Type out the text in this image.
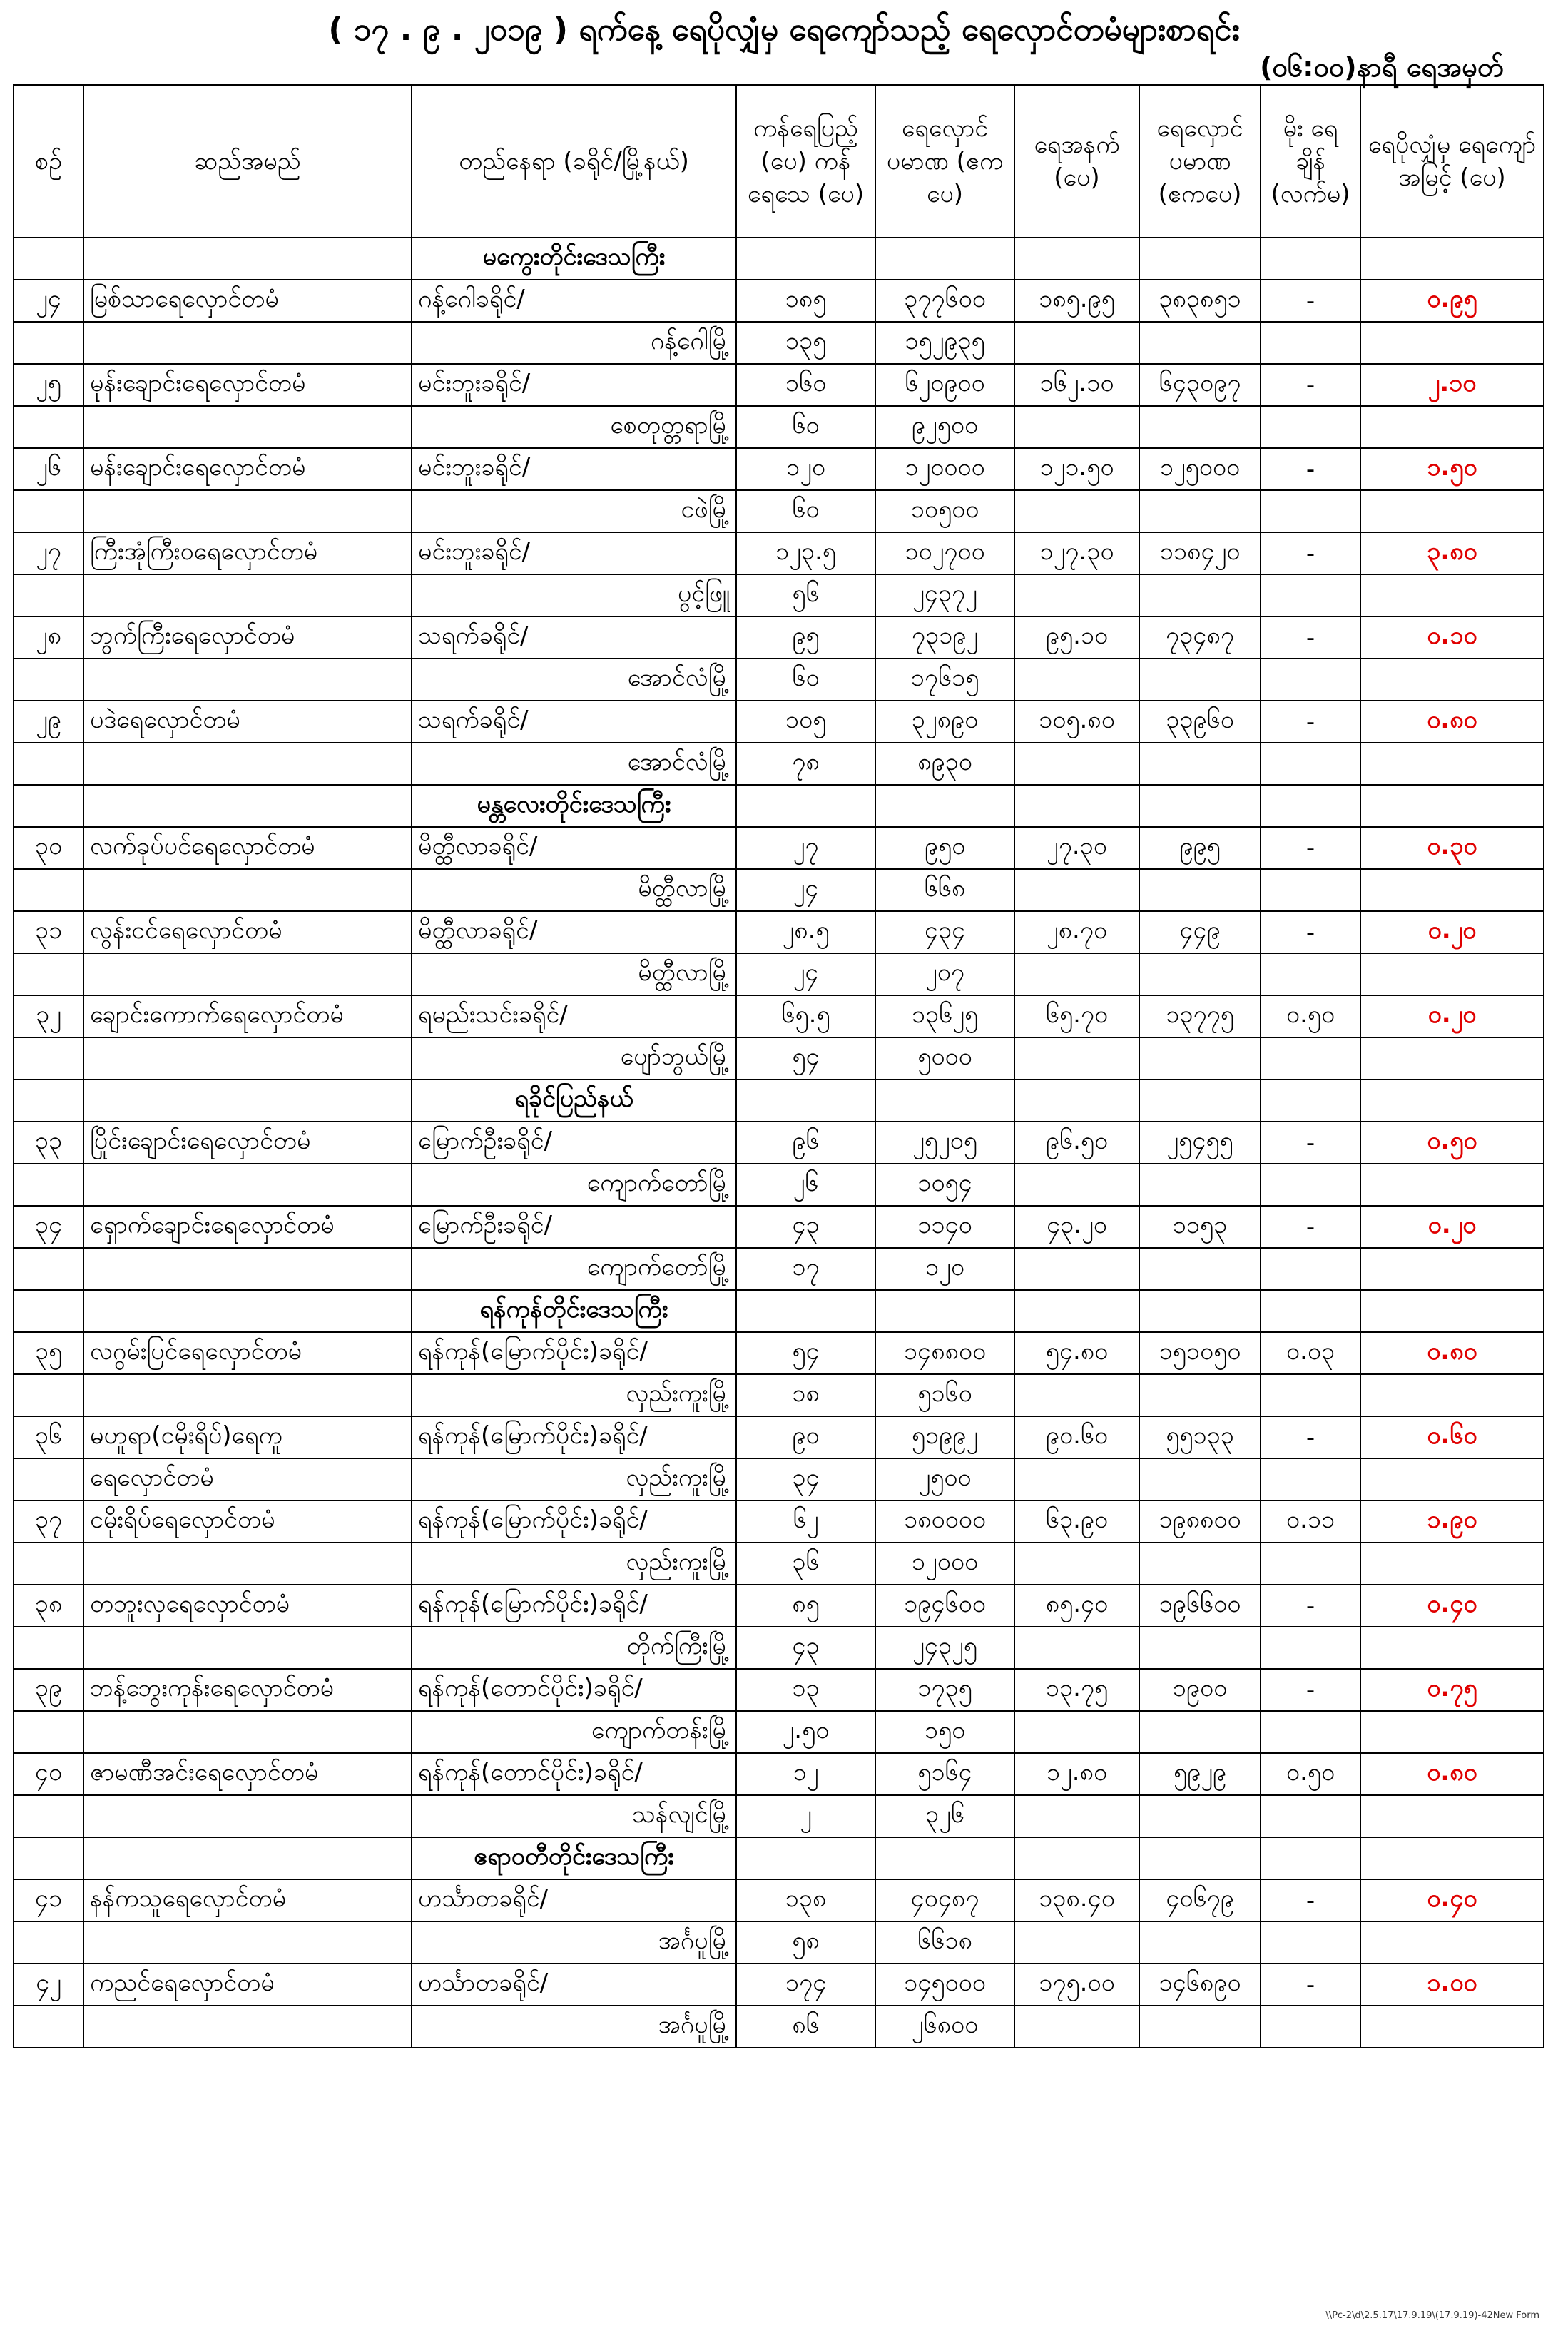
( ၁၇ . ၉ . ၂၀၁၉ ) ရက်နေ့ ရေပိုလျှံမှ ရေကျော်သည့် ရေလှောင်တမံများစာရင်း
(၀၆:၀၀)နာရီ ရေအမှတ်
စဉ်	ဆည်အမည်	တည်နေရာ (ခရိုင်/မြို့နယ်)	ကန်ရေပြည့် (ပေ) ကန်ရေသေ (ပေ)	ရေလှောင် ပမာဏ (ဧကပေ)	ရေအနက် (ပေ)	ရေလှောင် ပမာဏ (ဧကပေ)	မိုး ရေ ချိန် (လက်မ)	ရေပိုလျှံမှ ရေကျော် အမြင့် (ပေ)
		မကွေးတိုင်းဒေသကြီး						
၂၄	မြစ်သာရေလှောင်တမံ	ဂန့်ဂေါခရိုင်/	၁၈၅	၃၇၇၆၀၀	၁၈၅.၉၅	၃၈၃၈၅၁	-	၀.၉၅
		ဂန့်ဂေါမြို့	၁၃၅	၁၅၂၉၃၅				
၂၅	မုန်းချောင်းရေလှောင်တမံ	မင်းဘူးခရိုင်/	၁၆၀	၆၂၀၉၀၀	၁၆၂.၁၀	၆၄၃၀၉၇	-	၂.၁၀
		စေတုတ္တရာမြို့	၆၀	၉၂၅၀၀				
၂၆	မန်းချောင်းရေလှောင်တမံ	မင်းဘူးခရိုင်/	၁၂၀	၁၂၀၀၀၀	၁၂၁.၅၀	၁၂၅၀၀၀	-	၁.၅၀
		ငဖဲမြို့	၆၀	၁၀၅၀၀				
၂၇	ကြီးအုံကြီးဝရေလှောင်တမံ	မင်းဘူးခရိုင်/	၁၂၃.၅	၁၀၂၇၀၀	၁၂၇.၃၀	၁၁၈၄၂၀	-	၃.၈၀
		ပွင့်ဖြူ	၅၆	၂၄၃၇၂				
၂၈	ဘွက်ကြီးရေလှောင်တမံ	သရက်ခရိုင်/	၉၅	၇၃၁၉၂	၉၅.၁၀	၇၃၄၈၇	-	၀.၁၀
		အောင်လံမြို့	၆၀	၁၇၆၁၅				
၂၉	ပဒဲရေလှောင်တမံ	သရက်ခရိုင်/	၁၀၅	၃၂၈၉၀	၁၀၅.၈၀	၃၃၉၆၀	-	၀.၈၀
		အောင်လံမြို့	၇၈	၈၉၃၀				
		မန္တလေးတိုင်းဒေသကြီး						
၃၀	လက်ခုပ်ပင်ရေလှောင်တမံ	မိတ္ထီလာခရိုင်/	၂၇	၉၅၀	၂၇.၃၀	၉၉၅	-	၀.၃၀
		မိတ္ထီလာမြို့	၂၄	၆၆၈				
၃၁	လွန်းငင်ရေလှောင်တမံ	မိတ္ထီလာခရိုင်/	၂၈.၅	၄၃၄	၂၈.၇၀	၄၄၉	-	၀.၂၀
		မိတ္ထီလာမြို့	၂၄	၂၀၇				
၃၂	ချောင်းကောက်ရေလှောင်တမံ	ရမည်းသင်းခရိုင်/	၆၅.၅	၁၃၆၂၅	၆၅.၇၀	၁၃၇၇၅	၀.၅၀	၀.၂၀
		ပျော်ဘွယ်မြို့	၅၄	၅၀၀၀				
		ရခိုင်ပြည်နယ်						
၃၃	ပြိုင်းချောင်းရေလှောင်တမံ	မြောက်ဦးခရိုင်/	၉၆	၂၅၂၀၅	၉၆.၅၀	၂၅၄၅၅	-	၀.၅၀
		ကျောက်တော်မြို့	၂၆	၁၀၅၄				
၃၄	ရှောက်ချောင်းရေလှောင်တမံ	မြောက်ဦးခရိုင်/	၄၃	၁၁၄၀	၄၃.၂၀	၁၁၅၃	-	၀.၂၀
		ကျောက်တော်မြို့	၁၇	၁၂၀				
		ရန်ကုန်တိုင်းဒေသကြီး						
၃၅	လဂွမ်းပြင်ရေလှောင်တမံ	ရန်ကုန်(မြောက်ပိုင်း)ခရိုင်/	၅၄	၁၄၈၈၀၀	၅၄.၈၀	၁၅၁၀၅၀	၀.၀၃	၀.၈၀
		လှည်းကူးမြို့	၁၈	၅၁၆၀				
၃၆	မဟူရာ(ငမိုးရိပ်)ရေကူ	ရန်ကုန်(မြောက်ပိုင်း)ခရိုင်/	၉၀	၅၁၉၉၂	၉၀.၆၀	၅၅၁၃၃	-	၀.၆၀
	ရေလှောင်တမံ	လှည်းကူးမြို့	၃၄	၂၅၀၀				
၃၇	ငမိုးရိပ်ရေလှောင်တမံ	ရန်ကုန်(မြောက်ပိုင်း)ခရိုင်/	၆၂	၁၈၀၀၀၀	၆၃.၉၀	၁၉၈၈၀၀	၀.၁၁	၁.၉၀
		လှည်းကူးမြို့	၃၆	၁၂၀၀၀				
၃၈	တဘူးလှရေလှောင်တမံ	ရန်ကုန်(မြောက်ပိုင်း)ခရိုင်/	၈၅	၁၉၄၆၀၀	၈၅.၄၀	၁၉၆၆၀၀	-	၀.၄၀
		တိုက်ကြီးမြို့	၄၃	၂၄၃၂၅				
၃၉	ဘန့်ဘွေးကုန်းရေလှောင်တမံ	ရန်ကုန်(တောင်ပိုင်း)ခရိုင်/	၁၃	၁၇၃၅	၁၃.၇၅	၁၉၀၀	-	၀.၇၅
		ကျောက်တန်းမြို့	၂.၅၀	၁၅၀				
၄၀	ဇာမဏီအင်းရေလှောင်တမံ	ရန်ကုန်(တောင်ပိုင်း)ခရိုင်/	၁၂	၅၁၆၄	၁၂.၈၀	၅၉၂၉	၀.၅၀	၀.၈၀
		သန်လျင်မြို့	၂	၃၂၆				
		ဧရာဝတီတိုင်းဒေသကြီး						
၄၁	နန်ကသူရေလှောင်တမံ	ဟင်္သာတခရိုင်/	၁၃၈	၄၀၄၈၇	၁၃၈.၄၀	၄၀၆၇၉	-	၀.၄၀
		အင်္ဂပူမြို့	၅၈	၆၆၁၈				
၄၂	ကညင်ရေလှောင်တမံ	ဟင်္သာတခရိုင်/	၁၇၄	၁၄၅၀၀၀	၁၇၅.၀၀	၁၄၆၈၉၀	-	၁.၀၀
		အင်္ဂပူမြို့	၈၆	၂၆၈၀၀				
\\Pc-2\d\2.5.17\17.9.19\(17.9.19)-42New Form
